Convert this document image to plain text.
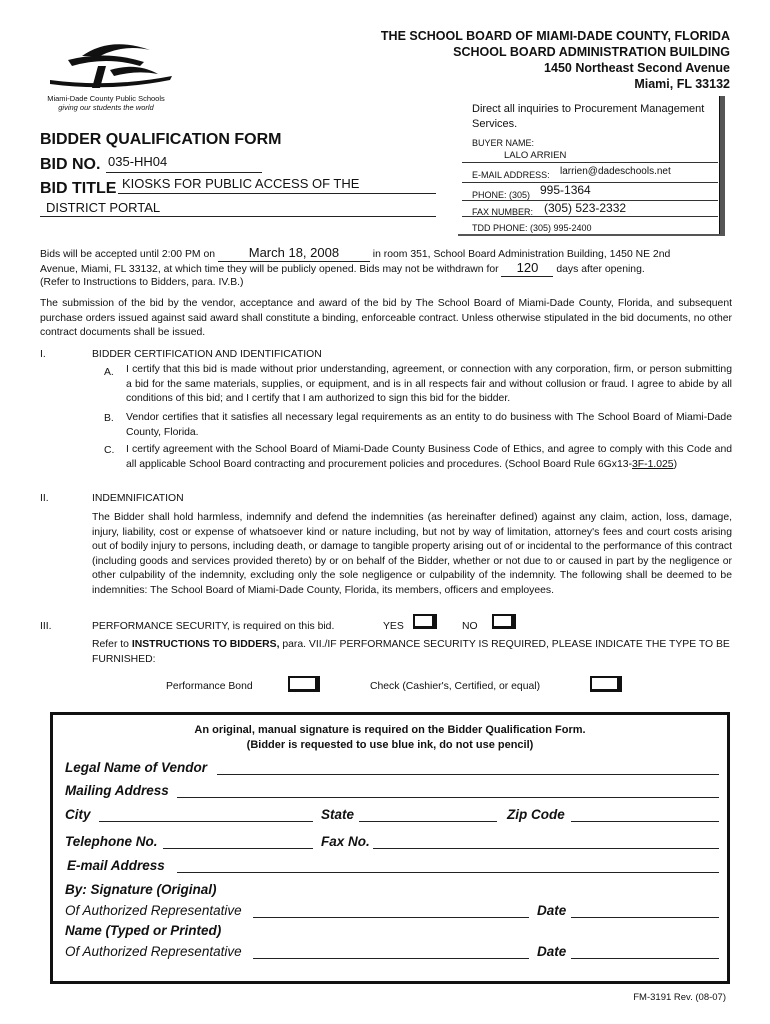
Miami-Dade County Public Schools
giving our students the world
THE SCHOOL BOARD OF MIAMI-DADE COUNTY, FLORIDA
SCHOOL BOARD ADMINISTRATION BUILDING
1450 Northeast Second Avenue
Miami, FL 33132
Direct all inquiries to Procurement Management Services.
BUYER NAME:
LALO ARRIEN
E-MAIL ADDRESS: larrien@dadeschools.net
PHONE: (305) 995-1364
FAX NUMBER: (305) 523-2332
TDD PHONE: (305) 995-2400
BIDDER QUALIFICATION FORM
BID NO. 035-HH04
BID TITLE KIOSKS FOR PUBLIC ACCESS OF THE
DISTRICT PORTAL
Bids will be accepted until 2:00 PM on	March 18, 2008	in room 351, School Board Administration Building, 1450 NE 2nd
Avenue, Miami, FL 33132, at which time they will be publicly opened. Bids may not be withdrawn for 120 days after opening.
(Refer to Instructions to Bidders, para. IV.B.)
The submission of the bid by the vendor, acceptance and award of the bid by The School Board of Miami-Dade County, Florida, and subsequent purchase orders issued against said award shall constitute a binding, enforceable contract. Unless otherwise stipulated in the bid documents, no other contract documents shall be issued.
I.	BIDDER CERTIFICATION AND IDENTIFICATION
A. I certify that this bid is made without prior understanding, agreement, or connection with any corporation, firm, or person submitting a bid for the same materials, supplies, or equipment, and is in all respects fair and without collusion or fraud. I agree to abide by all conditions of this bid; and I certify that I am authorized to sign this bid for the bidder.
B. Vendor certifies that it satisfies all necessary legal requirements as an entity to do business with The School Board of Miami-Dade County, Florida.
C. I certify agreement with the School Board of Miami-Dade County Business Code of Ethics, and agree to comply with this Code and all applicable School Board contracting and procurement policies and procedures. (School Board Rule 6Gx13-3F-1.025)
II.	INDEMNIFICATION
The Bidder shall hold harmless, indemnify and defend the indemnities (as hereinafter defined) against any claim, action, loss, damage, injury, liability, cost or expense of whatsoever kind or nature including, but not by way of limitation, attorney's fees and court costs arising out of bodily injury to persons, including death, or damage to tangible property arising out of or incidental to the performance of this contract (including goods and services provided thereto) by or on behalf of the Bidder, whether or not due to or caused in part by the negligence or other culpability of the indemnity, excluding only the sole negligence or culpability of the indemnity. The following shall be deemed to be indemnities: The School Board of Miami-Dade County, Florida, its members, officers and employees.
III.	PERFORMANCE SECURITY, is required on this bid.	YES	NO
Refer to INSTRUCTIONS TO BIDDERS, para. VII./IF PERFORMANCE SECURITY IS REQUIRED, PLEASE INDICATE THE TYPE TO BE FURNISHED:
Performance Bond	Check (Cashier's, Certified, or equal)
An original, manual signature is required on the Bidder Qualification Form.
(Bidder is requested to use blue ink, do not use pencil)
Legal Name of Vendor
Mailing Address
City	State	Zip Code
Telephone No.	Fax No.
E-mail Address
By: Signature (Original)
Of Authorized Representative	Date
Name (Typed or Printed)
Of Authorized Representative	Date
FM-3191 Rev. (08-07)
